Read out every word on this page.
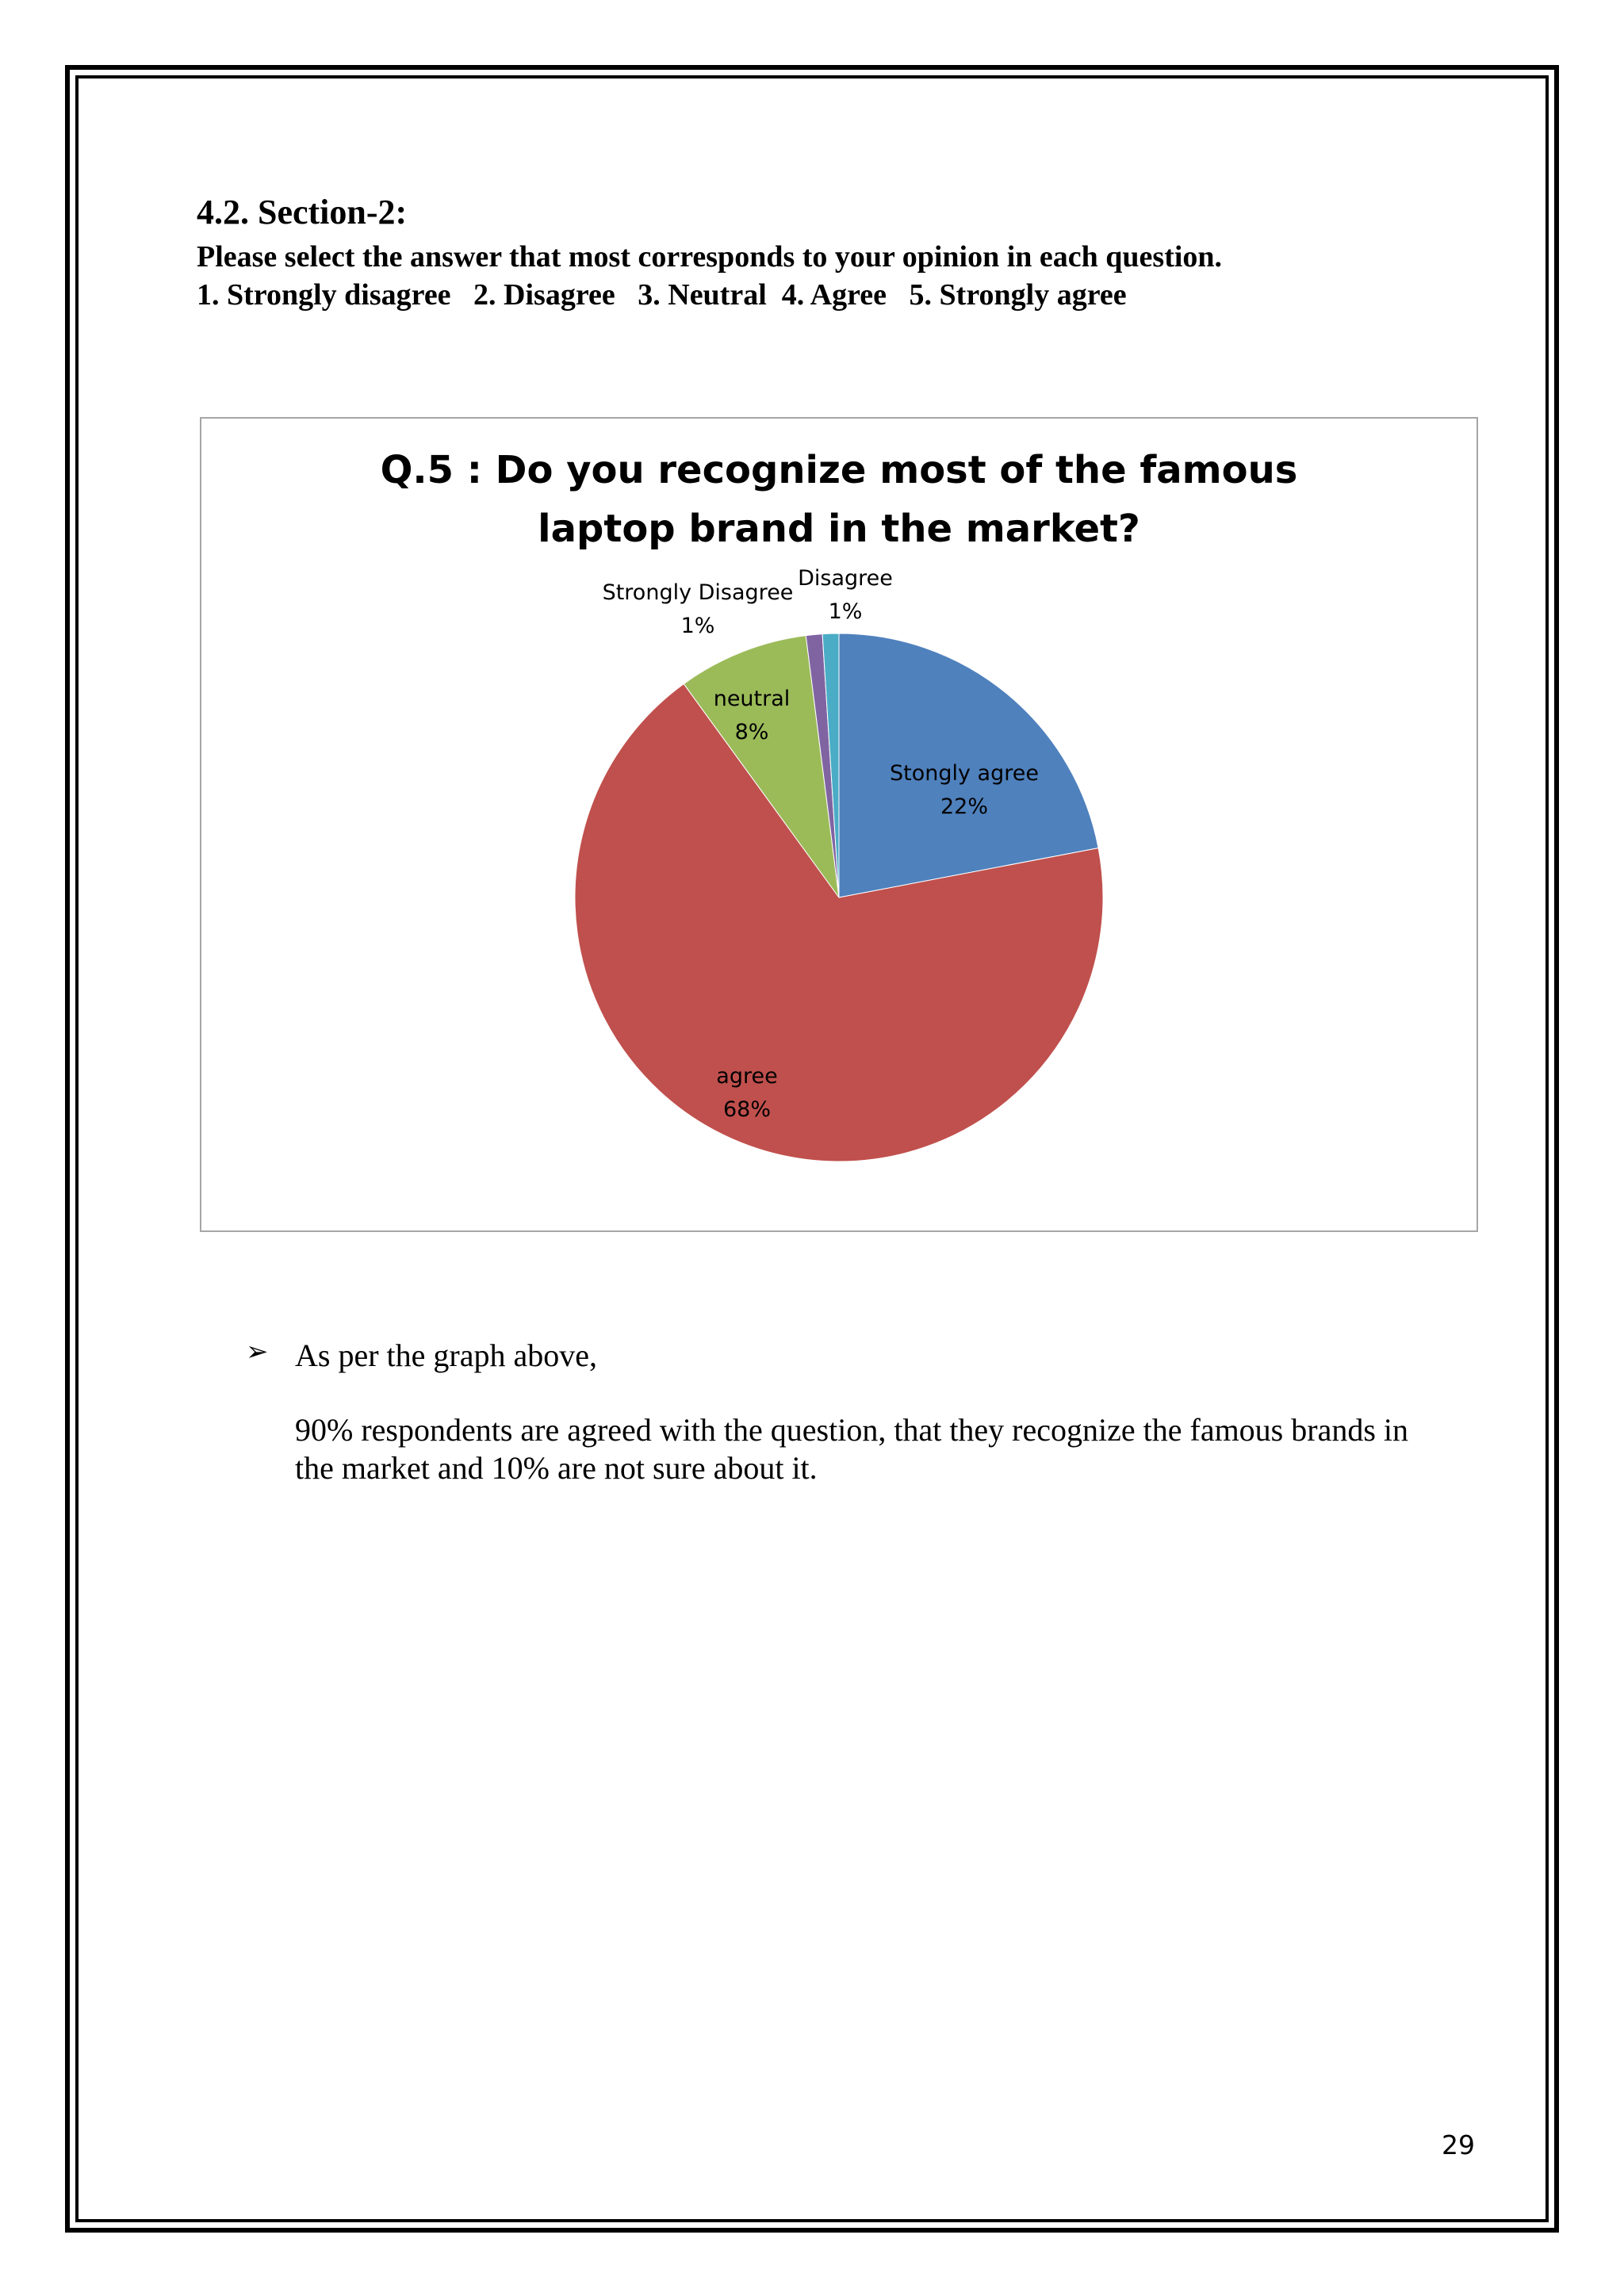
4.2. Section-2:

Please select the answer that most corresponds to your opinion in each question.

1. Strongly disagree   2. Disagree   3. Neutral  4. Agree   5. Strongly agree

Q.5 : Do you recognize most of the famous
laptop brand in the market?
Stongly agree 22%
agree 68%
neutral 8%
Strongly Disagree 1%
Disagree 1%
➢ As per the graph above,

90% respondents are agreed with the question, that they recognize the famous brands in the market and 10% are not sure about it.

29
